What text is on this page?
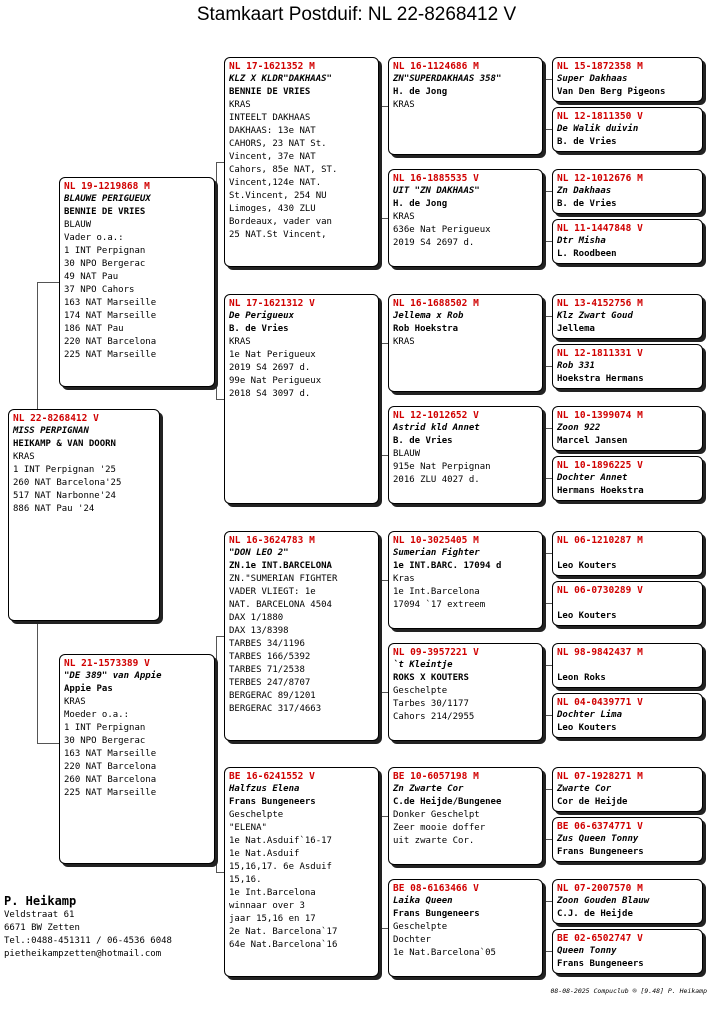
Stamkaart Postduif: NL 22-8268412 V
NL 22-8268412 V
MISS PERPIGNAN
HEIKAMP & VAN DOORN
KRAS
1 INT Perpignan '25
260 NAT Barcelona'25
517 NAT Narbonne'24
886 NAT Pau '24
NL 19-1219868 M
BLAUWE PERIGUEUX
BENNIE DE VRIES
BLAUW
Vader o.a.:
1 INT Perpignan
30 NPO Bergerac
49 NAT Pau
37 NPO Cahors
163 NAT Marseille
174 NAT Marseille
186 NAT Pau
220 NAT Barcelona
225 NAT Marseille
NL 21-1573389 V
"DE 389" van Appie
Appie Pas
KRAS
Moeder o.a.:
1 INT Perpignan
30 NPO Bergerac
163 NAT Marseille
220 NAT Barcelona
260 NAT Barcelona
225 NAT Marseille
NL 17-1621352 M
KLZ X KLDR"DAKHAAS"
BENNIE DE VRIES
KRAS
INTEELT DAKHAAS
DAKHAAS: 13e NAT
CAHORS, 23 NAT St.
Vincent, 37e NAT
Cahors, 85e NAT, ST.
Vincent,124e NAT.
St.Vincent, 254 NU
Limoges, 430 ZLU
Bordeaux, vader van
25 NAT.St Vincent,
NL 17-1621312 V
De Perigueux
B. de Vries
KRAS
1e Nat Perigueux
2019 S4 2697 d.
99e Nat Perigueux
2018 S4 3097 d.
NL 16-3624783 M
"DON LEO 2"
ZN.1e INT.BARCELONA
ZN."SUMERIAN FIGHTER
VADER VLIEGT: 1e
NAT. BARCELONA 4504
DAX 1/1880
DAX 13/8398
TARBES 34/1196
TARBES 166/5392
TARBES 71/2538
TERBES 247/8707
BERGERAC 89/1201
BERGERAC 317/4663
BE 16-6241552 V
Halfzus Elena
Frans Bungeneers
Geschelpte
"ELENA"
1e Nat.Asduif`16-17
1e Nat.Asduif
15,16,17. 6e Asduif
15,16.
1e Int.Barcelona
winnaar over 3
jaar 15,16 en 17
2e Nat. Barcelona`17
64e Nat.Barcelona`16
NL 16-1124686 M
ZN"SUPERDAKHAAS 358"
H. de Jong
KRAS
NL 16-1885535 V
UIT "ZN DAKHAAS"
H. de Jong
KRAS
636e Nat Perigueux
2019 S4 2697 d.
NL 16-1688502 M
Jellema x Rob
Rob Hoekstra
KRAS
NL 12-1012652 V
Astrid kld Annet
B. de Vries
BLAUW
915e Nat Perpignan
2016 ZLU 4027 d.
NL 10-3025405 M
Sumerian Fighter
1e INT.BARC. 17094 d
Kras
1e Int.Barcelona
17094 `17 extreem
NL 09-3957221 V
`t Kleintje
ROKS X KOUTERS
Geschelpte
Tarbes 30/1177
Cahors 214/2955
BE 10-6057198 M
Zn Zwarte Cor
C.de Heijde/Bungenee
Donker Geschelpt
Zeer mooie doffer
uit zwarte Cor.
BE 08-6163466 V
Laika Queen
Frans Bungeneers
Geschelpte
Dochter
1e Nat.Barcelona`05
NL 15-1872358 M
Super Dakhaas
Van Den Berg Pigeons
NL 12-1811350 V
De Walik duivin
B. de Vries
NL 12-1012676 M
Zn Dakhaas
B. de Vries
NL 11-1447848 V
Dtr Misha
L. Roodbeen
NL 13-4152756 M
Klz Zwart Goud
Jellema
NL 12-1811331 V
Rob 331
Hoekstra Hermans
NL 10-1399074 M
Zoon 922
Marcel Jansen
NL 10-1896225 V
Dochter Annet
Hermans Hoekstra
NL 06-1210287 M

Leo Kouters
NL 06-0730289 V

Leo Kouters
NL 98-9842437 M

Leon Roks
NL 04-0439771 V
Dochter Lima
Leo Kouters
NL 07-1928271 M
Zwarte Cor
Cor de Heijde
BE 06-6374771 V
Zus Queen Tonny
Frans Bungeneers
NL 07-2007570 M
Zoon Gouden Blauw
C.J. de Heijde
BE 02-6502747 V
Queen Tonny
Frans Bungeneers
P. Heikamp
Veldstraat 61
6671 BW Zetten
Tel.:0488-451311 / 06-4536 6048
pietheikampzetten@hotmail.com
08-08-2025 Compuclub ® [9.48] P. Heikamp
